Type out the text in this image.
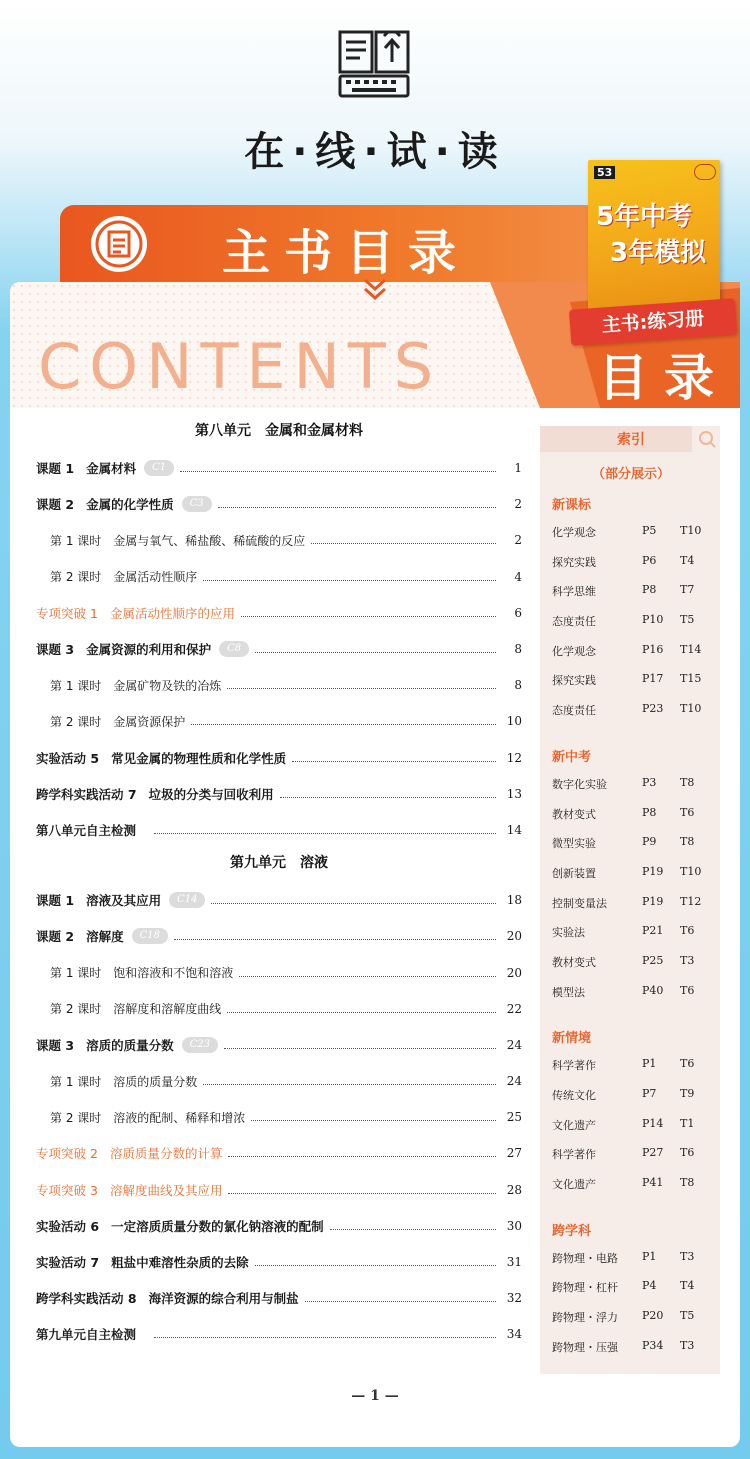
在·线·试·读
主书目录
CONTENTS	目录
53
5年中考
3年模拟
主书:练习册
第八单元　金属和金属材料
课题 1 金属材料	C1	1
课题 2 金属的化学性质	C3	2
第 1 课时 金属与氧气、稀盐酸、稀硫酸的反应	2
第 2 课时 金属活动性顺序	4
专项突破 1 金属活动性顺序的应用	6
课题 3 金属资源的利用和保护	C8	8
第 1 课时 金属矿物及铁的冶炼	8
第 2 课时 金属资源保护	10
实验活动 5 常见金属的物理性质和化学性质	12
跨学科实践活动 7 垃圾的分类与回收利用	13
第八单元自主检测	14
第九单元　溶液
课题 1 溶液及其应用	C14	18
课题 2 溶解度	C18	20
第 1 课时 饱和溶液和不饱和溶液	20
第 2 课时 溶解度和溶解度曲线	22
课题 3 溶质的质量分数	C23	24
第 1 课时 溶质的质量分数	24
第 2 课时 溶液的配制、稀释和增浓	25
专项突破 2 溶质质量分数的计算	27
专项突破 3 溶解度曲线及其应用	28
实验活动 6 一定溶质质量分数的氯化钠溶液的配制	30
实验活动 7 粗盐中难溶性杂质的去除	31
跨学科实践活动 8 海洋资源的综合利用与制盐	32
第九单元自主检测	34
— 1 —
索引
（部分展示）
新课标
化学观念	P5	T10
探究实践	P6	T4
科学思维	P8	T7
态度责任	P10	T5
化学观念	P16	T14
探究实践	P17	T15
态度责任	P23	T10
新中考
数字化实验	P3	T8
教材变式	P8	T6
微型实验	P9	T8
创新装置	P19	T10
控制变量法	P19	T12
实验法	P21	T6
教材变式	P25	T3
模型法	P40	T6
新情境
科学著作	P1	T6
传统文化	P7	T9
文化遗产	P14	T1
科学著作	P27	T6
文化遗产	P41	T8
跨学科
跨物理・电路	P1	T3
跨物理・杠杆	P4	T4
跨物理・浮力	P20	T5
跨物理・压强	P34	T3
